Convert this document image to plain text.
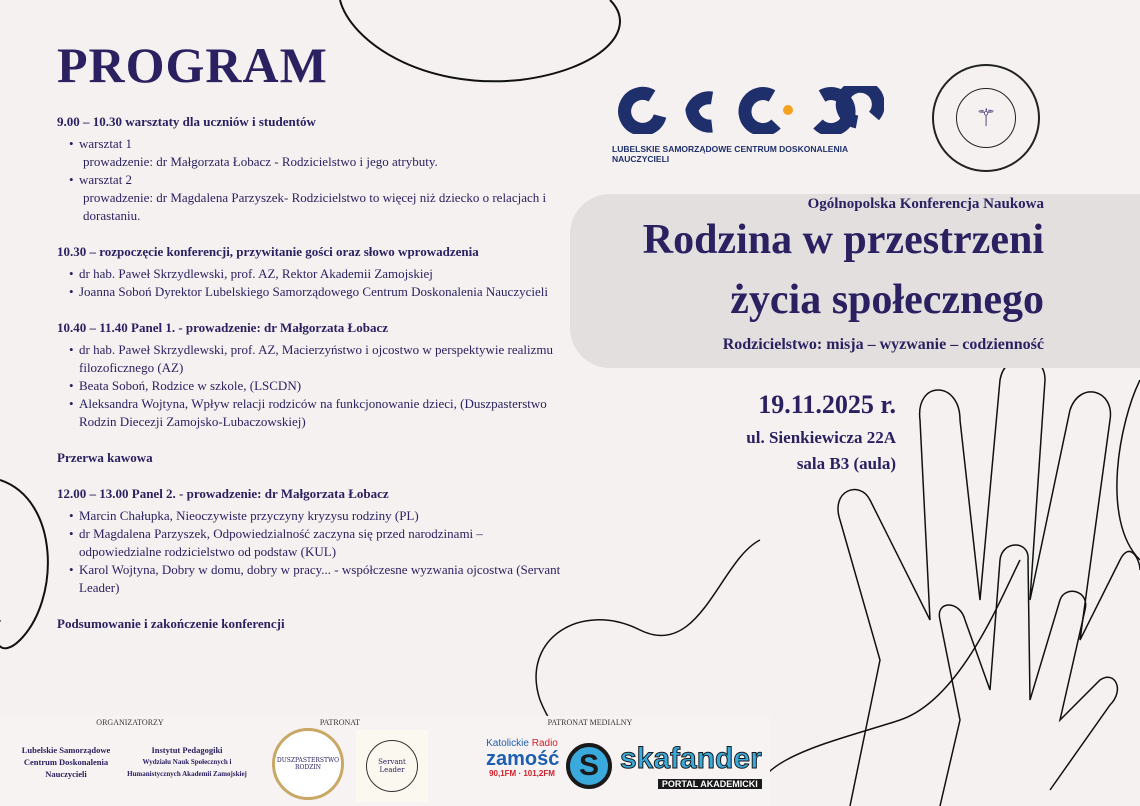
PROGRAM
9.00 – 10.30 warsztaty dla uczniów i studentów
• warsztat 1
prowadzenie: dr Małgorzata Łobacz - Rodzicielstwo i jego atrybuty.
• warsztat 2
prowadzenie: dr Magdalena Parzyszek- Rodzicielstwo to więcej niż dziecko o relacjach i dorastaniu.
10.30 – rozpoczęcie konferencji, przywitanie gości oraz słowo wprowadzenia
• dr hab. Paweł Skrzydlewski, prof. AZ, Rektor Akademii Zamojskiej
• Joanna Soboń Dyrektor Lubelskiego Samorządowego Centrum Doskonalenia Nauczycieli
10.40 – 11.40 Panel 1. - prowadzenie: dr Małgorzata Łobacz
• dr hab. Paweł Skrzydlewski, prof. AZ, Macierzyństwo i ojcostwo w perspektywie realizmu filozoficznego (AZ)
• Beata Soboń, Rodzice w szkole, (LSCDN)
• Aleksandra Wojtyna, Wpływ relacji rodziców na funkcjonowanie dzieci, (Duszpasterstwo Rodzin Diecezji Zamojsko-Lubaczowskiej)
Przerwa kawowa
12.00 – 13.00 Panel 2. - prowadzenie: dr Małgorzata Łobacz
• Marcin Chałupka, Nieoczywiste przyczyny kryzysu rodziny (PL)
• dr Magdalena Parzyszek, Odpowiedzialność zaczyna się przed narodzinami – odpowiedzialne rodzicielstwo od podstaw (KUL)
• Karol Wojtyna, Dobry w domu, dobry w pracy... - współczesne wyzwania ojcostwa (Servant Leader)
Podsumowanie i zakończenie konferencji
LUBELSKIE SAMORZĄDOWE CENTRUM DOSKONALENIA NAUCZYCIELI
⚚
Ogólnopolska Konferencja Naukowa
Rodzina w przestrzeni
życia społecznego
Rodzicielstwo: misja – wyzwanie – codzienność
19.11.2025 r.
ul. Sienkiewicza 22A
sala B3 (aula)
ORGANIZATORZY	PATRONAT	PATRONAT MEDIALNY
Lubelskie Samorządowe Centrum Doskonalenia Nauczycieli
Instytut Pedagogiki
Wydziału Nauk Społecznych i Humanistycznych Akademii Zamojskiej
DUSZPASTERSTWO RODZIN
Servant Leader
Katolickie Radio
zamość
90,1FM · 101,2FM S skafander
PORTAL AKADEMICKI
